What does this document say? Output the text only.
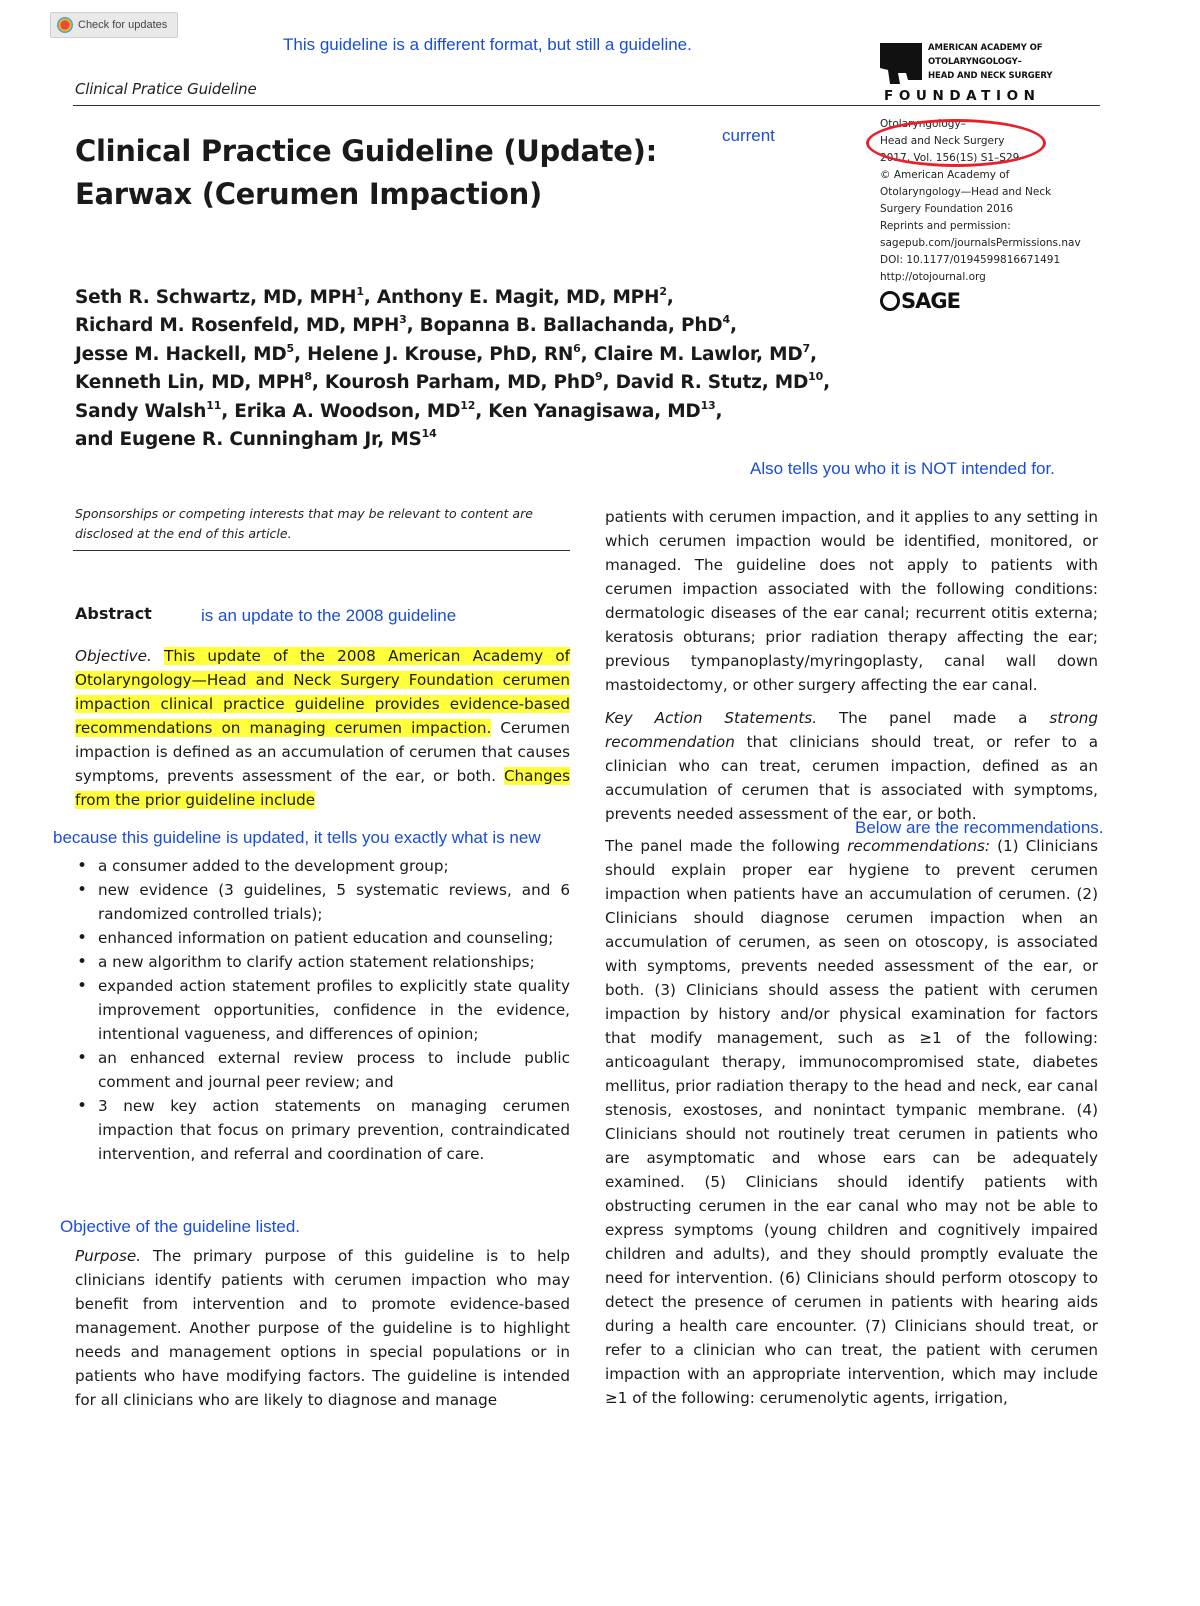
Check for updates
This guideline is a different format, but still a guideline.
current
Also tells you who it is NOT intended for.
is an update to the 2008 guideline
because this guideline is updated, it tells you exactly what is new
Below are the recommendations.
Objective of the guideline listed.
Clinical Pratice Guideline
AMERICAN ACADEMY OF
OTOLARYNGOLOGY–
HEAD AND NECK SURGERY
FOUNDATION
Otolaryngology–
Head and Neck Surgery
2017, Vol. 156(1S) S1–S29
© American Academy of
Otolaryngology—Head and Neck
Surgery Foundation 2016
Reprints and permission:
sagepub.com/journalsPermissions.nav
DOI: 10.1177/0194599816671491
http://otojournal.org
SAGE
Clinical Practice Guideline (Update):
Earwax (Cerumen Impaction)
Seth R. Schwartz, MD, MPH$^1$, Anthony E. Magit, MD, MPH$^2$,
Richard M. Rosenfeld, MD, MPH$^3$, Bopanna B. Ballachanda, PhD$^4$,
Jesse M. Hackell, $MD^5$, Helene J. Krouse, PhD, $RN^6$, Claire M. Lawlor, $MD^7$,
Kenneth Lin, MD, MPH$^8$, Kourosh Parham, MD, PhD$^9$, David R. Stutz, MD$^{10}$,
Sandy Walsh$^{11}$, Erika A. Woodson, MD$^{12}$, Ken Yanagisawa, MD$^{13}$,
and Eugene R. Cunningham Jr, MS$^{14}$
Sponsorships or competing interests that may be relevant to content are disclosed at the end of this article.
Abstract

Objective. This update of the 2008 American Academy of Otolaryngology—Head and Neck Surgery Foundation cerumen impaction clinical practice guideline provides evidence-based recommendations on managing cerumen impaction. Cerumen impaction is defined as an accumulation of cerumen that causes symptoms, prevents assessment of the ear, or both. Changes from the prior guideline include

• a consumer added to the development group;
• new evidence (3 guidelines, 5 systematic reviews, and 6 randomized controlled trials);
• enhanced information on patient education and counseling;
• a new algorithm to clarify action statement relationships;
• expanded action statement profiles to explicitly state quality improvement opportunities, confidence in the evidence, intentional vagueness, and differences of opinion;
• an enhanced external review process to include public comment and journal peer review; and
• 3 new key action statements on managing cerumen impaction that focus on primary prevention, contraindicated intervention, and referral and coordination of care.

Purpose. The primary purpose of this guideline is to help clinicians identify patients with cerumen impaction who may benefit from intervention and to promote evidence-based management. Another purpose of the guideline is to highlight needs and management options in special populations or in patients who have modifying factors. The guideline is intended for all clinicians who are likely to diagnose and manage

patients with cerumen impaction, and it applies to any setting in which cerumen impaction would be identified, monitored, or managed. The guideline does not apply to patients with cerumen impaction associated with the following conditions: dermatologic diseases of the ear canal; recurrent otitis externa; keratosis obturans; prior radiation therapy affecting the ear; previous tympanoplasty/myringoplasty, canal wall down mastoidectomy, or other surgery affecting the ear canal.

Key Action Statements. The panel made a strong recommendation that clinicians should treat, or refer to a clinician who can treat, cerumen impaction, defined as an accumulation of cerumen that is associated with symptoms, prevents needed assessment of the ear, or both.

The panel made the following recommendations: (1) Clinicians should explain proper ear hygiene to prevent cerumen impaction when patients have an accumulation of cerumen. (2) Clinicians should diagnose cerumen impaction when an accumulation of cerumen, as seen on otoscopy, is associated with symptoms, prevents needed assessment of the ear, or both. (3) Clinicians should assess the patient with cerumen impaction by history and/or physical examination for factors that modify management, such as ≥1 of the following: anticoagulant therapy, immunocompromised state, diabetes mellitus, prior radiation therapy to the head and neck, ear canal stenosis, exostoses, and nonintact tympanic membrane. (4) Clinicians should not routinely treat cerumen in patients who are asymptomatic and whose ears can be adequately examined. (5) Clinicians should identify patients with obstructing cerumen in the ear canal who may not be able to express symptoms (young children and cognitively impaired children and adults), and they should promptly evaluate the need for intervention. (6) Clinicians should perform otoscopy to detect the presence of cerumen in patients with hearing aids during a health care encounter. (7) Clinicians should treat, or refer to a clinician who can treat, the patient with cerumen impaction with an appropriate intervention, which may include ≥1 of the following: cerumenolytic agents, irrigation,
